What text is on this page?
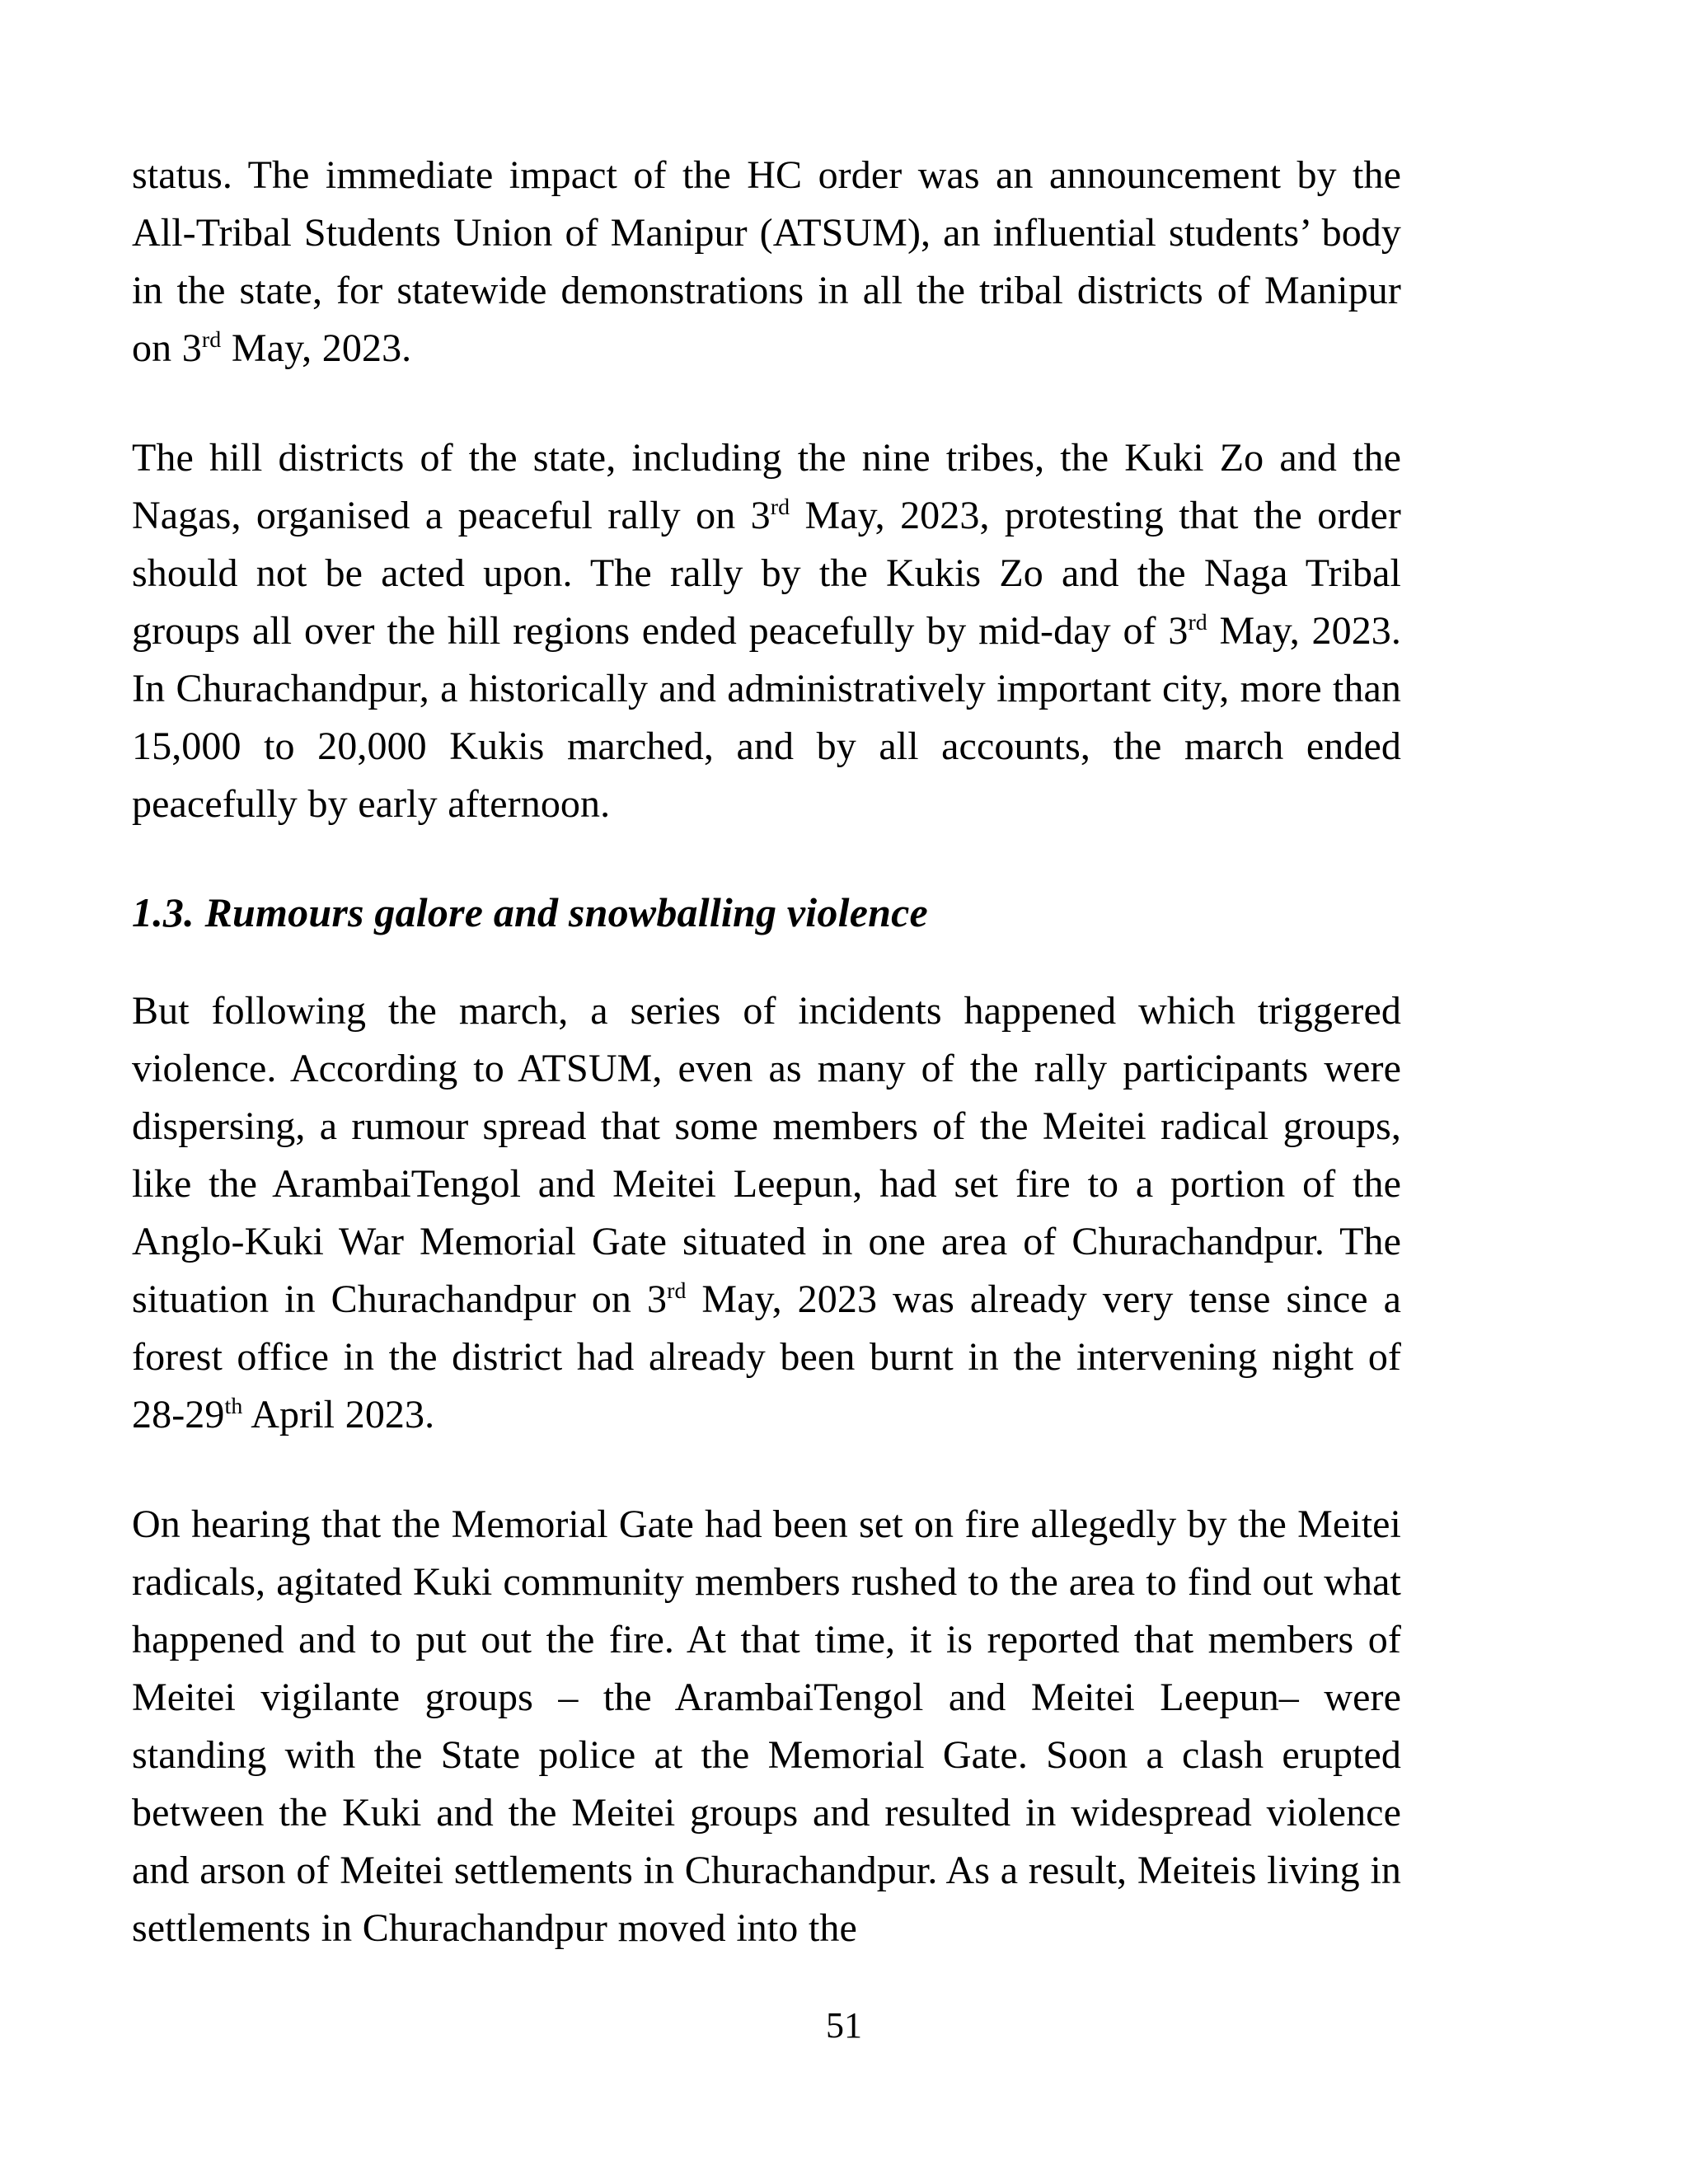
status. The immediate impact of the HC order was an announcement by the All-Tribal Students Union of Manipur (ATSUM), an influential students’ body in the state, for statewide demonstrations in all the tribal districts of Manipur on 3rd May, 2023.

The hill districts of the state, including the nine tribes, the Kuki Zo and the Nagas, organised a peaceful rally on 3rd May, 2023, protesting that the order should not be acted upon. The rally by the Kukis Zo and the Naga Tribal groups all over the hill regions ended peacefully by mid-day of 3rd May, 2023. In Churachandpur, a historically and administratively important city, more than 15,000 to 20,000 Kukis marched, and by all accounts, the march ended peacefully by early afternoon.

1.3. Rumours galore and snowballing violence

But following the march, a series of incidents happened which triggered violence. According to ATSUM, even as many of the rally participants were dispersing, a rumour spread that some members of the Meitei radical groups, like the ArambaiTengol and Meitei Leepun, had set fire to a portion of the Anglo-Kuki War Memorial Gate situated in one area of Churachandpur. The situation in Churachandpur on 3rd May, 2023 was already very tense since a forest office in the district had already been burnt in the intervening night of 28-29th April 2023.

On hearing that the Memorial Gate had been set on fire allegedly by the Meitei radicals, agitated Kuki community members rushed to the area to find out what happened and to put out the fire. At that time, it is reported that members of Meitei vigilante groups – the ArambaiTengol and Meitei Leepun– were standing with the State police at the Memorial Gate. Soon a clash erupted between the Kuki and the Meitei groups and resulted in widespread violence and arson of Meitei settlements in Churachandpur. As a result, Meiteis living in settlements in Churachandpur moved into the

51
